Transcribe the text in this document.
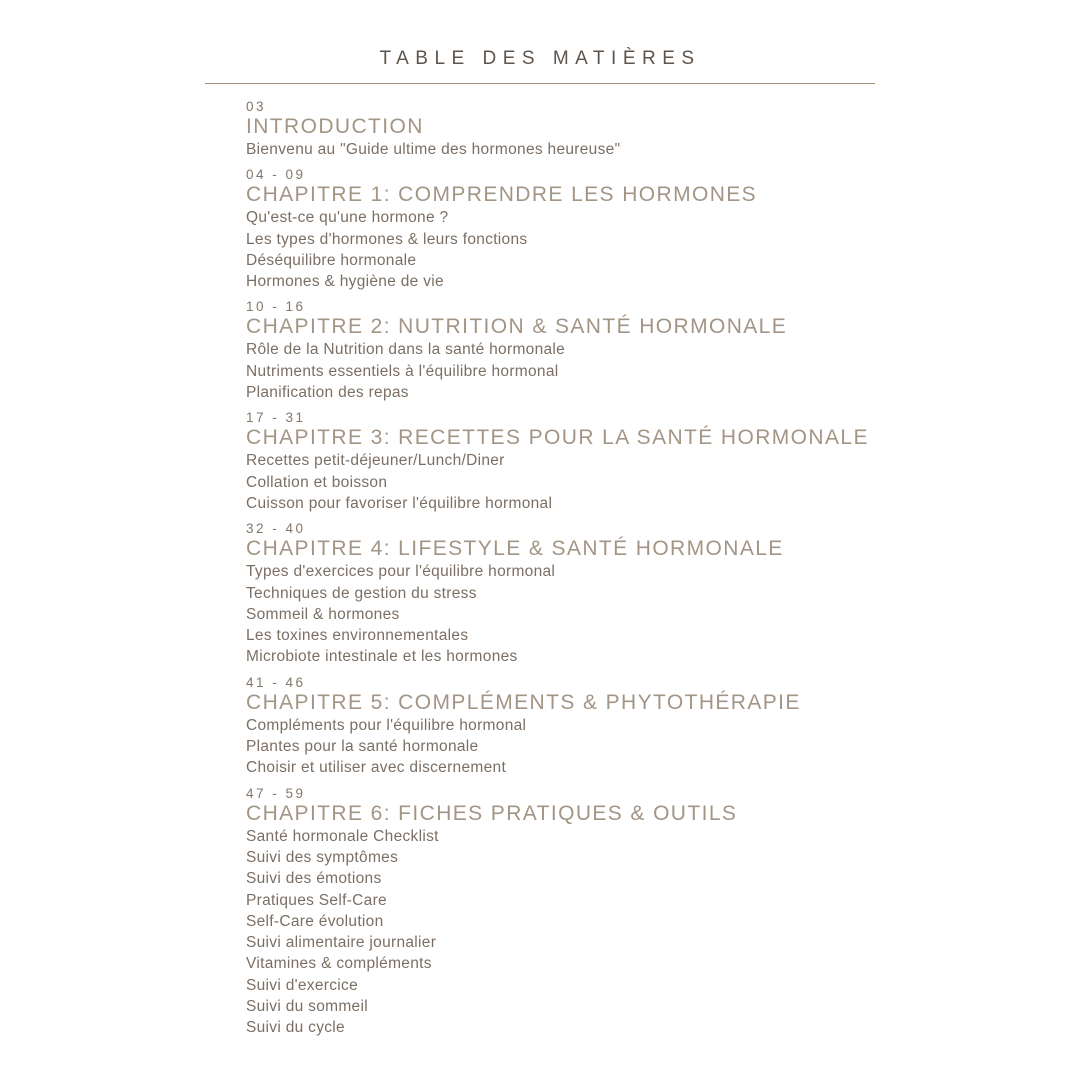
TABLE DES MATIÈRES
03
INTRODUCTION
Bienvenu au "Guide ultime des hormones heureuse"
04 - 09
CHAPITRE 1: COMPRENDRE LES HORMONES
Qu'est-ce qu'une hormone ?
Les types d'hormones & leurs fonctions
Déséquilibre hormonale
Hormones & hygiène de vie
10 - 16
CHAPITRE 2: NUTRITION & SANTÉ HORMONALE
Rôle de la Nutrition dans la santé hormonale
Nutriments essentiels à l'équilibre hormonal
Planification des repas
17 - 31
CHAPITRE 3: RECETTES POUR LA SANTÉ HORMONALE
Recettes petit-déjeuner/Lunch/Diner
Collation et boisson
Cuisson pour favoriser l'équilibre hormonal
32 - 40
CHAPITRE 4: LIFESTYLE & SANTÉ HORMONALE
Types d'exercices pour l'équilibre hormonal
Techniques de gestion du stress
Sommeil & hormones
Les toxines environnementales
Microbiote intestinale et les hormones
41 - 46
CHAPITRE 5: COMPLÉMENTS & PHYTOTHÉRAPIE
Compléments pour l'équilibre hormonal
Plantes pour la santé hormonale
Choisir et utiliser avec discernement
47 - 59
CHAPITRE 6: FICHES PRATIQUES & OUTILS
Santé hormonale Checklist
Suivi des symptômes
Suivi des émotions
Pratiques Self-Care
Self-Care évolution
Suivi alimentaire journalier
Vitamines & compléments
Suivi d'exercice
Suivi du sommeil
Suivi du cycle
